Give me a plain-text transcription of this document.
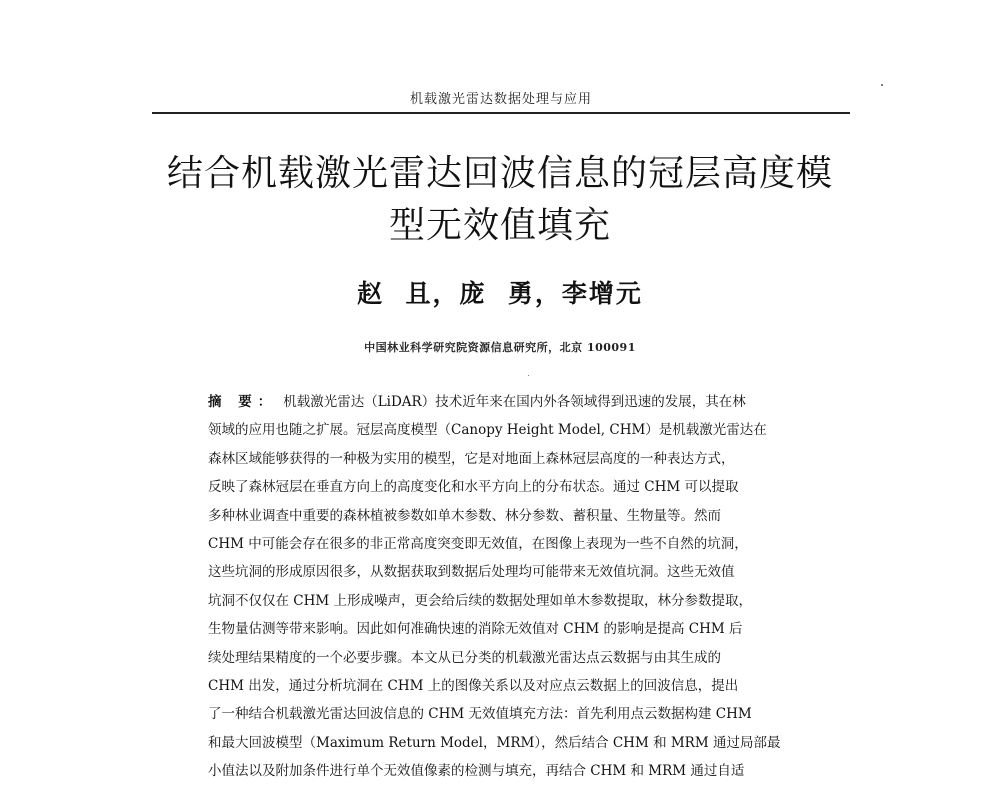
机载激光雷达数据处理与应用
结合机载激光雷达回波信息的冠层高度模
型无效值填充
赵  且，庞  勇，李增元
中国林业科学研究院资源信息研究所，北京 100091
摘 要： 机载激光雷达（LiDAR）技术近年来在国内外各领域得到迅速的发展，其在林
领域的应用也随之扩展。冠层高度模型（Canopy Height Model, CHM）是机载激光雷达在
森林区域能够获得的一种极为实用的模型，它是对地面上森林冠层高度的一种表达方式，
反映了森林冠层在垂直方向上的高度变化和水平方向上的分布状态。通过 CHM 可以提取
多种林业调查中重要的森林植被参数如单木参数、林分参数、蓄积量、生物量等。然而
CHM 中可能会存在很多的非正常高度突变即无效值，在图像上表现为一些不自然的坑洞，
这些坑洞的形成原因很多，从数据获取到数据后处理均可能带来无效值坑洞。这些无效值
坑洞不仅仅在 CHM 上形成噪声，更会给后续的数据处理如单木参数提取，林分参数提取，
生物量估测等带来影响。因此如何准确快速的消除无效值对 CHM 的影响是提高 CHM 后
续处理结果精度的一个必要步骤。本文从已分类的机载激光雷达点云数据与由其生成的
CHM 出发，通过分析坑洞在 CHM 上的图像关系以及对应点云数据上的回波信息，提出
了一种结合机载激光雷达回波信息的 CHM 无效值填充方法：首先利用点云数据构建 CHM
和最大回波模型（Maximum Return Model，MRM），然后结合 CHM 和 MRM 通过局部最
小值法以及附加条件进行单个无效值像素的检测与填充，再结合 CHM 和 MRM 通过自适
